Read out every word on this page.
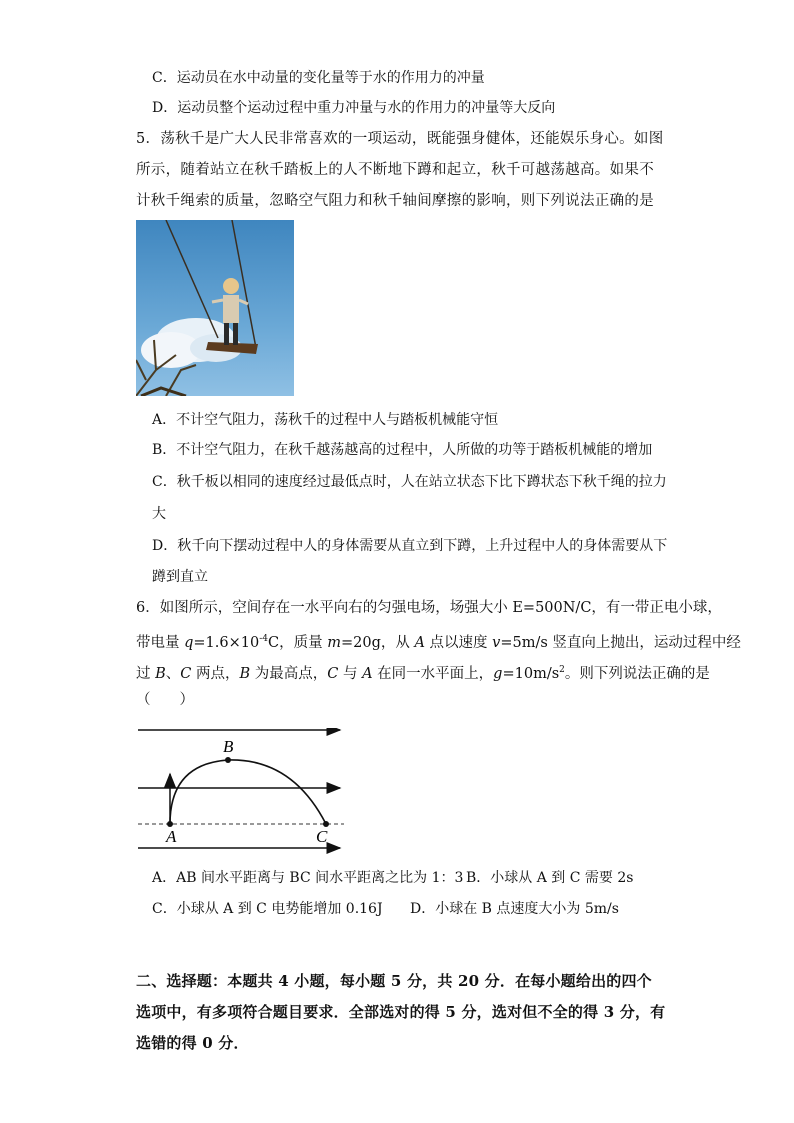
C．运动员在水中动量的变化量等于水的作用力的冲量
D．运动员整个运动过程中重力冲量与水的作用力的冲量等大反向
5．荡秋千是广大人民非常喜欢的一项运动，既能强身健体，还能娱乐身心。如图所示，随着站立在秋千踏板上的人不断地下蹲和起立，秋千可越荡越高。如果不计秋千绳索的质量，忽略空气阻力和秋千轴间摩擦的影响，则下列说法正确的是　　
A．不计空气阻力，荡秋千的过程中人与踏板机械能守恒
B．不计空气阻力，在秋千越荡越高的过程中，人所做的功等于踏板机械能的增加
C．秋千板以相同的速度经过最低点时，人在站立状态下比下蹲状态下秋千绳的拉力
大
D．秋千向下摆动过程中人的身体需要从直立到下蹲，上升过程中人的身体需要从下
蹲到直立
6．如图所示，空间存在一水平向右的匀强电场，场强大小 E=500N/C，有一带正电小球，
带电量 $q=1.6\times 10^{-4}C$，质量 m=20g，从 A 点以速度 v=5m/s 竖直向上抛出，运动过程中经
过 B、C 两点，B 为最高点，C 与 A 在同一水平面上，$g=10m/s^2$。则下列说法正确的是
（　　）
A
B
C
A．AB 间水平距离与 BC 间水平距离之比为 1：3 B．小球从 A 到 C 需要 2s
C．小球从 A 到 C 电势能增加 0.16J D．小球在 B 点速度大小为 5m/s
二、选择题：本题共 4 小题，每小题 5 分，共 20 分．在每小题给出的四个选项中，有多项符合题目要求．全部选对的得 5 分，选对但不全的得 3 分，有选错的得 0 分．
